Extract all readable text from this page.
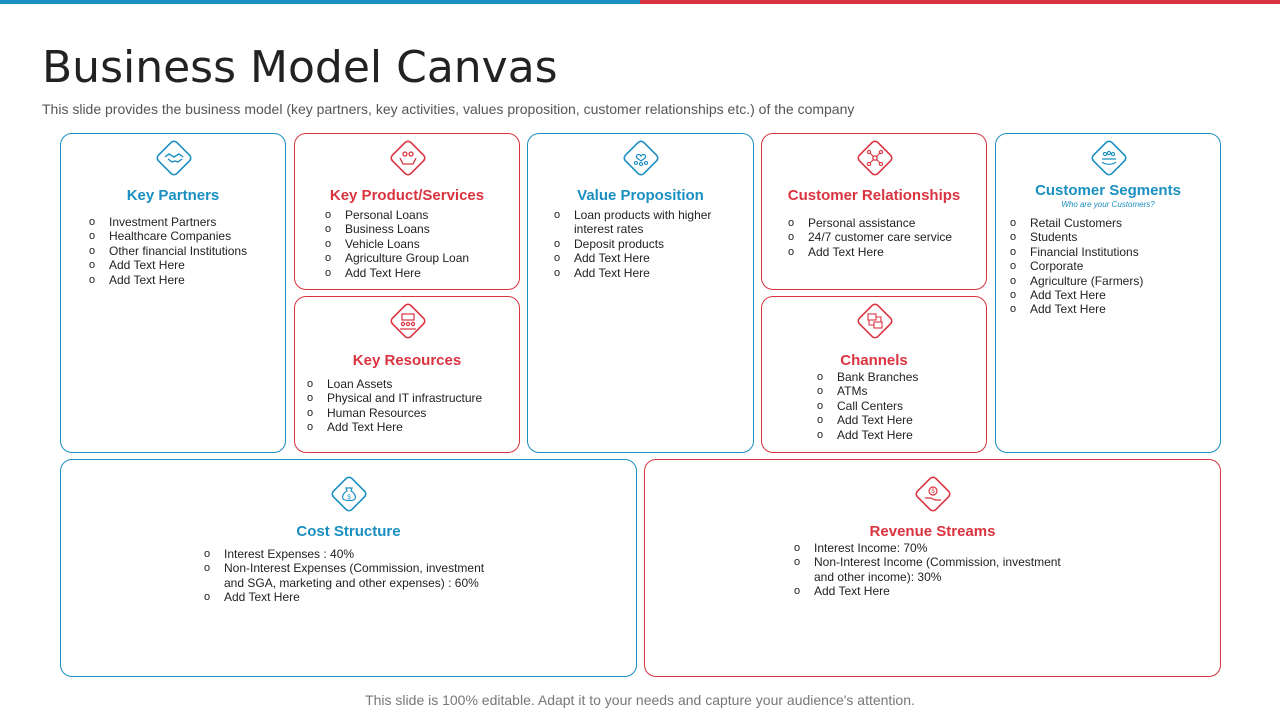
Business Model Canvas

This slide provides the business model (key partners, key activities, values proposition, customer relationships etc.) of the company

Key Partners
o Investment Partners
o Healthcare Companies
o Other financial Institutions
o Add Text Here
o Add Text Here
Key Product/Services
o Personal Loans
o Business Loans
o Vehicle Loans
o Agriculture Group Loan
o Add Text Here
Key Resources
o Loan Assets
o Physical and IT infrastructure
o Human Resources
o Add Text Here
Value Proposition
o Loan products with higher interest rates
o Deposit products
o Add Text Here
o Add Text Here
Customer Relationships
o Personal assistance
o 24/7 customer care service
o Add Text Here
Channels
o Bank Branches
o ATMs
o Call Centers
o Add Text Here
o Add Text Here
Customer Segments
Who are your Customers?
o Retail Customers
o Students
o Financial Institutions
o Corporate
o Agriculture (Farmers)
o Add Text Here
o Add Text Here
$
Cost Structure
o Interest Expenses : 40%
o Non-Interest Expenses (Commission, investment and SGA, marketing and other expenses) : 60%
o Add Text Here
$
Revenue Streams
o Interest Income: 70%
o Non-Interest Income (Commission, investment and other income): 30%
o Add Text Here
This slide is 100% editable. Adapt it to your needs and capture your audience's attention.
